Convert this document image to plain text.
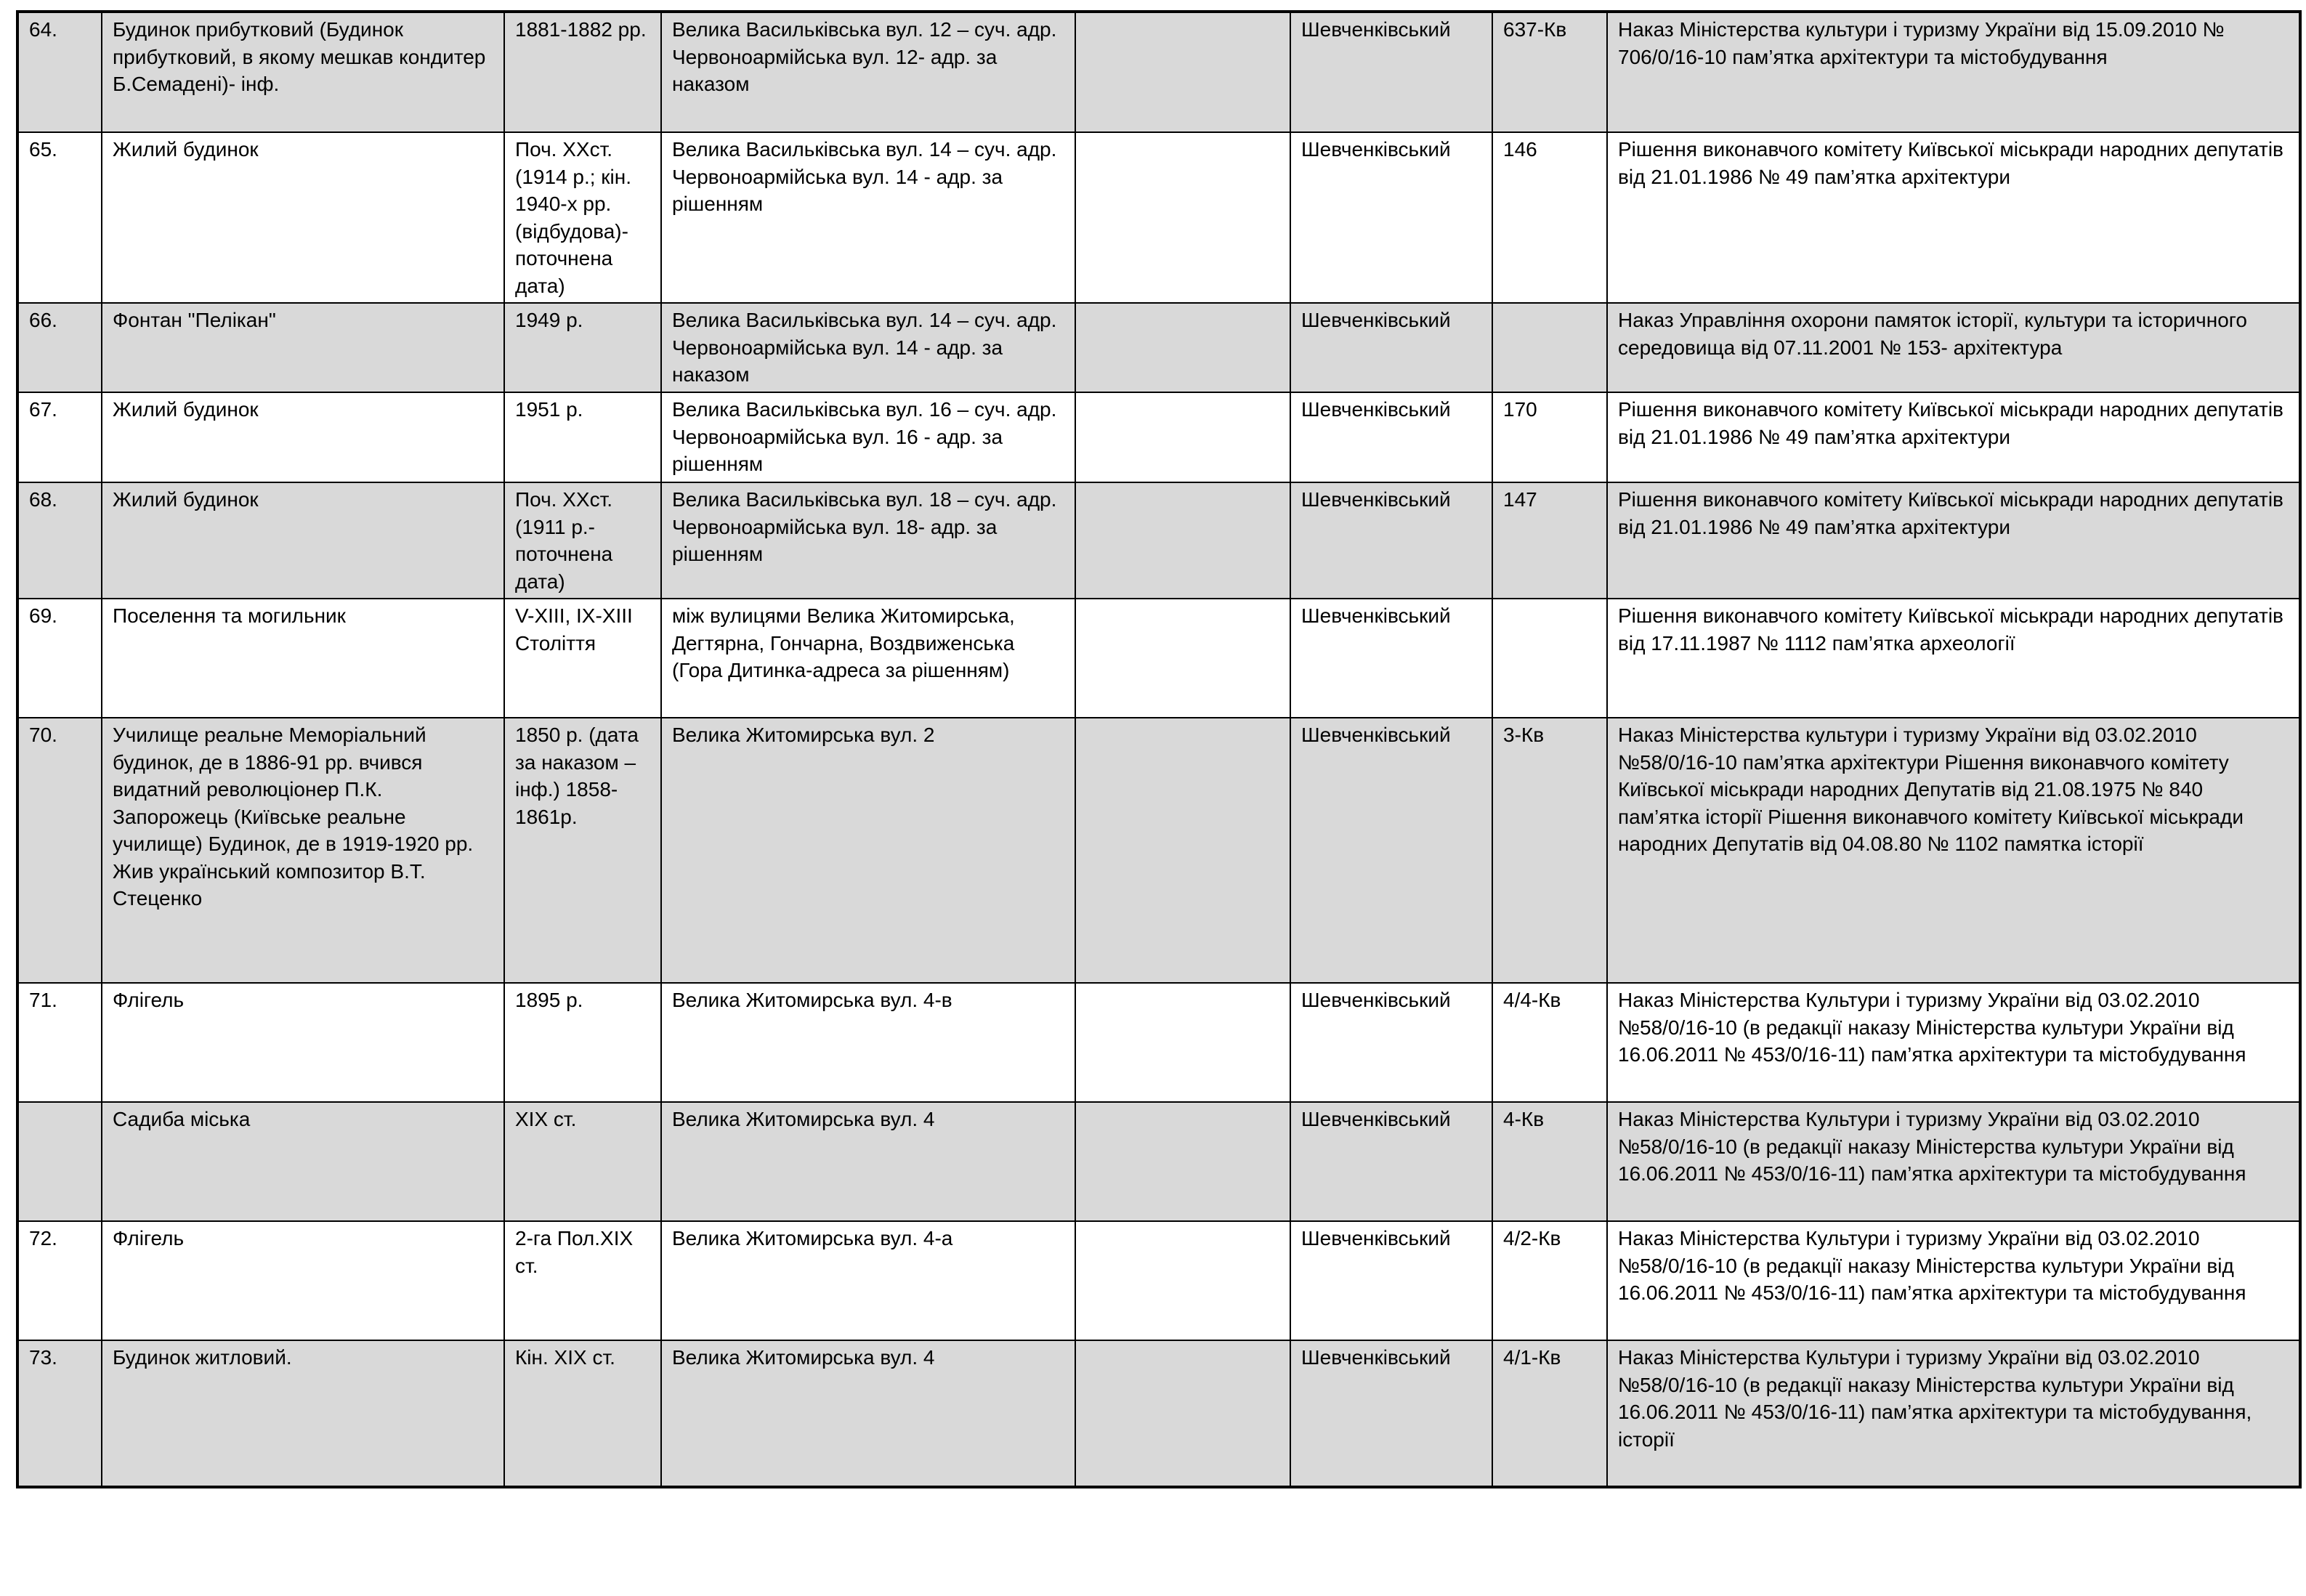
64.	Будинок прибутковий (Будинок прибутковий, в якому мешкав кондитер Б.Семадені)- інф.	1881-1882 рр.	Велика Васильківська вул. 12 – суч. адр. Червоноармійська вул. 12- адр. за наказом		Шевченківський	637-Кв	Наказ Міністерства культури і туризму України від 15.09.2010 № 706/0/16-10 пам’ятка архітектури та містобудування
65.	Жилий будинок	Поч. ХХст. (1914 р.; кін. 1940-х рр. (відбудова)- поточнена дата)	Велика Васильківська вул. 14 – суч. адр. Червоноармійська вул. 14 - адр. за рішенням		Шевченківський	146	Рішення виконавчого комітету Київської міськради народних депутатів від 21.01.1986 № 49 пам’ятка архітектури
66.	Фонтан "Пелікан"	1949 р.	Велика Васильківська вул. 14 – суч. адр. Червоноармійська вул. 14 - адр. за наказом		Шевченківський		Наказ Управління охорони памяток історії, культури та історичного середовища від 07.11.2001 № 153- архітектура
67.	Жилий будинок	1951 р.	Велика Васильківська вул. 16 – суч. адр. Червоноармійська вул. 16 - адр. за рішенням		Шевченківський	170	Рішення виконавчого комітету Київської міськради народних депутатів від 21.01.1986 № 49 пам’ятка архітектури
68.	Жилий будинок	Поч. ХХст. (1911 р.- поточнена дата)	Велика Васильківська вул. 18 – суч. адр. Червоноармійська вул. 18- адр. за рішенням		Шевченківський	147	Рішення виконавчого комітету Київської міськради народних депутатів від 21.01.1986 № 49 пам’ятка архітектури
69.	Поселення та могильник	V-XIII, IX-XIII Століття	між вулицями Велика Житомирська, Дегтярна, Гончарна, Воздвиженська (Гора Дитинка-адреса за рішенням)		Шевченківський		Рішення виконавчого комітету Київської міськради народних депутатів від 17.11.1987 № 1112 пам’ятка археології
70.	Училище реальне Меморіальний будинок, де в 1886-91 рр. вчився видатний революціонер П.К. Запорожець (Київське реальне училище) Будинок, де в 1919-1920 рр. Жив український композитор В.Т. Стеценко	1850 р. (дата за наказом – інф.) 1858-1861р.	Велика Житомирська вул. 2		Шевченківський	3-Кв	Наказ Міністерства культури і туризму України від 03.02.2010 №58/0/16-10 пам’ятка архітектури Рішення виконавчого комітету Київської міськради народних Депутатів від 21.08.1975 № 840 пам’ятка історії Рішення виконавчого комітету Київської міськради народних Депутатів від 04.08.80 № 1102 памятка історії
71.	Флігель	1895 р.	Велика Житомирська вул. 4-в		Шевченківський	4/4-Кв	Наказ Міністерства Культури і туризму України від 03.02.2010 №58/0/16-10 (в редакції наказу Міністерства культури України від 16.06.2011 № 453/0/16-11) пам’ятка архітектури та містобудування
	Садиба міська	XIX ст.	Велика Житомирська вул. 4		Шевченківський	4-Кв	Наказ Міністерства Культури і туризму України від 03.02.2010 №58/0/16-10 (в редакції наказу Міністерства культури України від 16.06.2011 № 453/0/16-11) пам’ятка архітектури та містобудування
72.	Флігель	2-га Пол.XIX ст.	Велика Житомирська вул. 4-а		Шевченківський	4/2-Кв	Наказ Міністерства Культури і туризму України від 03.02.2010 №58/0/16-10 (в редакції наказу Міністерства культури України від 16.06.2011 № 453/0/16-11) пам’ятка архітектури та містобудування
73.	Будинок житловий.	Кін. XIX ст.	Велика Житомирська вул. 4		Шевченківський	4/1-Кв	Наказ Міністерства Культури і туризму України від 03.02.2010 №58/0/16-10 (в редакції наказу Міністерства культури України від 16.06.2011 № 453/0/16-11) пам’ятка архітектури та містобудування, історії
